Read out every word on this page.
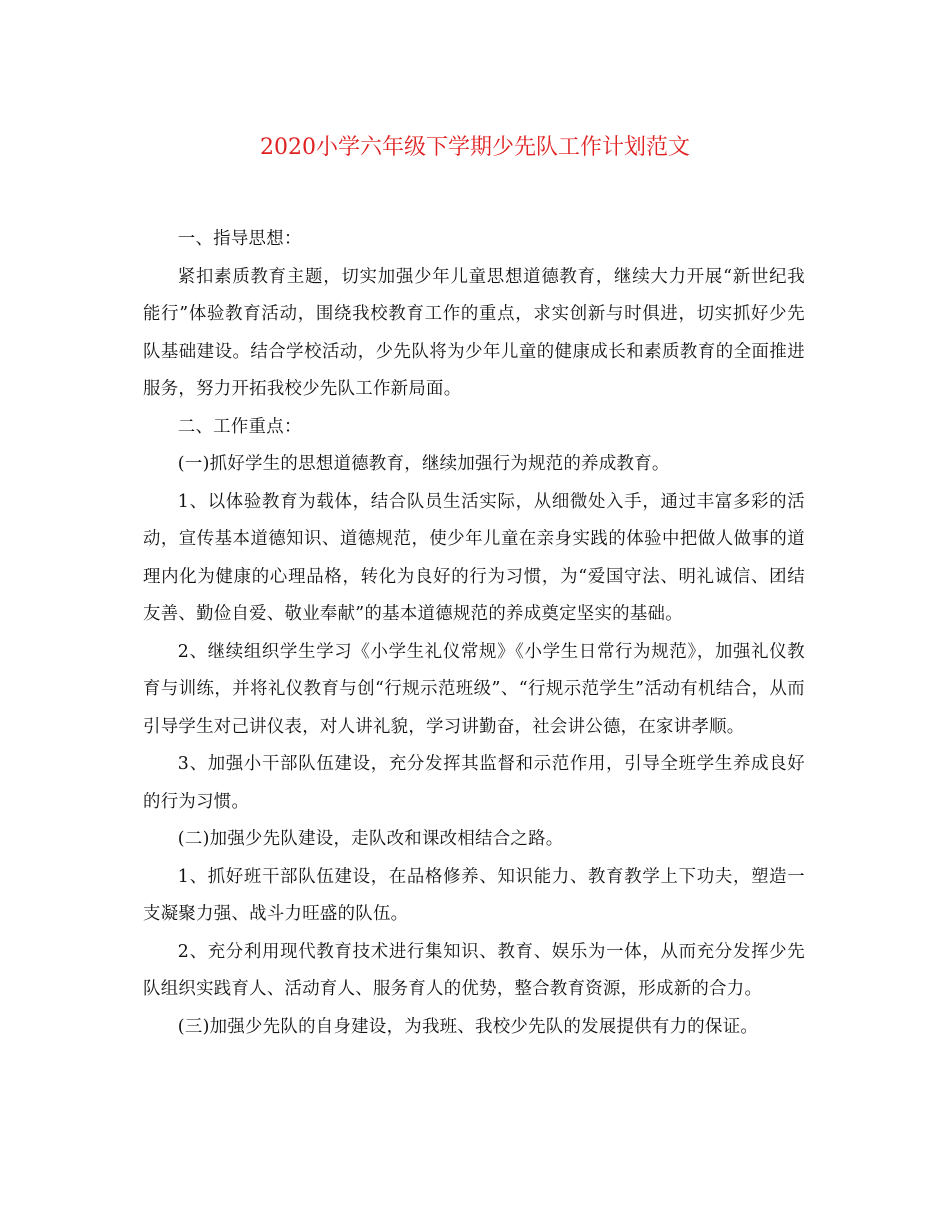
2020小学六年级下学期少先队工作计划范文

一、指导思想：

紧扣素质教育主题，切实加强少年儿童思想道德教育，继续大力开展“新世纪我能行”体验教育活动，围绕我校教育工作的重点，求实创新与时俱进，切实抓好少先队基础建设。结合学校活动，少先队将为少年儿童的健康成长和素质教育的全面推进服务，努力开拓我校少先队工作新局面。

二、工作重点：

(一)抓好学生的思想道德教育，继续加强行为规范的养成教育。

1、以体验教育为载体，结合队员生活实际，从细微处入手，通过丰富多彩的活动，宣传基本道德知识、道德规范，使少年儿童在亲身实践的体验中把做人做事的道理内化为健康的心理品格，转化为良好的行为习惯，为“爱国守法、明礼诚信、团结友善、勤俭自爱、敬业奉献”的基本道德规范的养成奠定坚实的基础。

2、继续组织学生学习《小学生礼仪常规》《小学生日常行为规范》，加强礼仪教育与训练，并将礼仪教育与创“行规示范班级”、“行规示范学生”活动有机结合，从而引导学生对己讲仪表，对人讲礼貌，学习讲勤奋，社会讲公德，在家讲孝顺。

3、加强小干部队伍建设，充分发挥其监督和示范作用，引导全班学生养成良好的行为习惯。

(二)加强少先队建设，走队改和课改相结合之路。

1、抓好班干部队伍建设，在品格修养、知识能力、教育教学上下功夫，塑造一支凝聚力强、战斗力旺盛的队伍。

2、充分利用现代教育技术进行集知识、教育、娱乐为一体，从而充分发挥少先队组织实践育人、活动育人、服务育人的优势，整合教育资源，形成新的合力。

(三)加强少先队的自身建设，为我班、我校少先队的发展提供有力的保证。
